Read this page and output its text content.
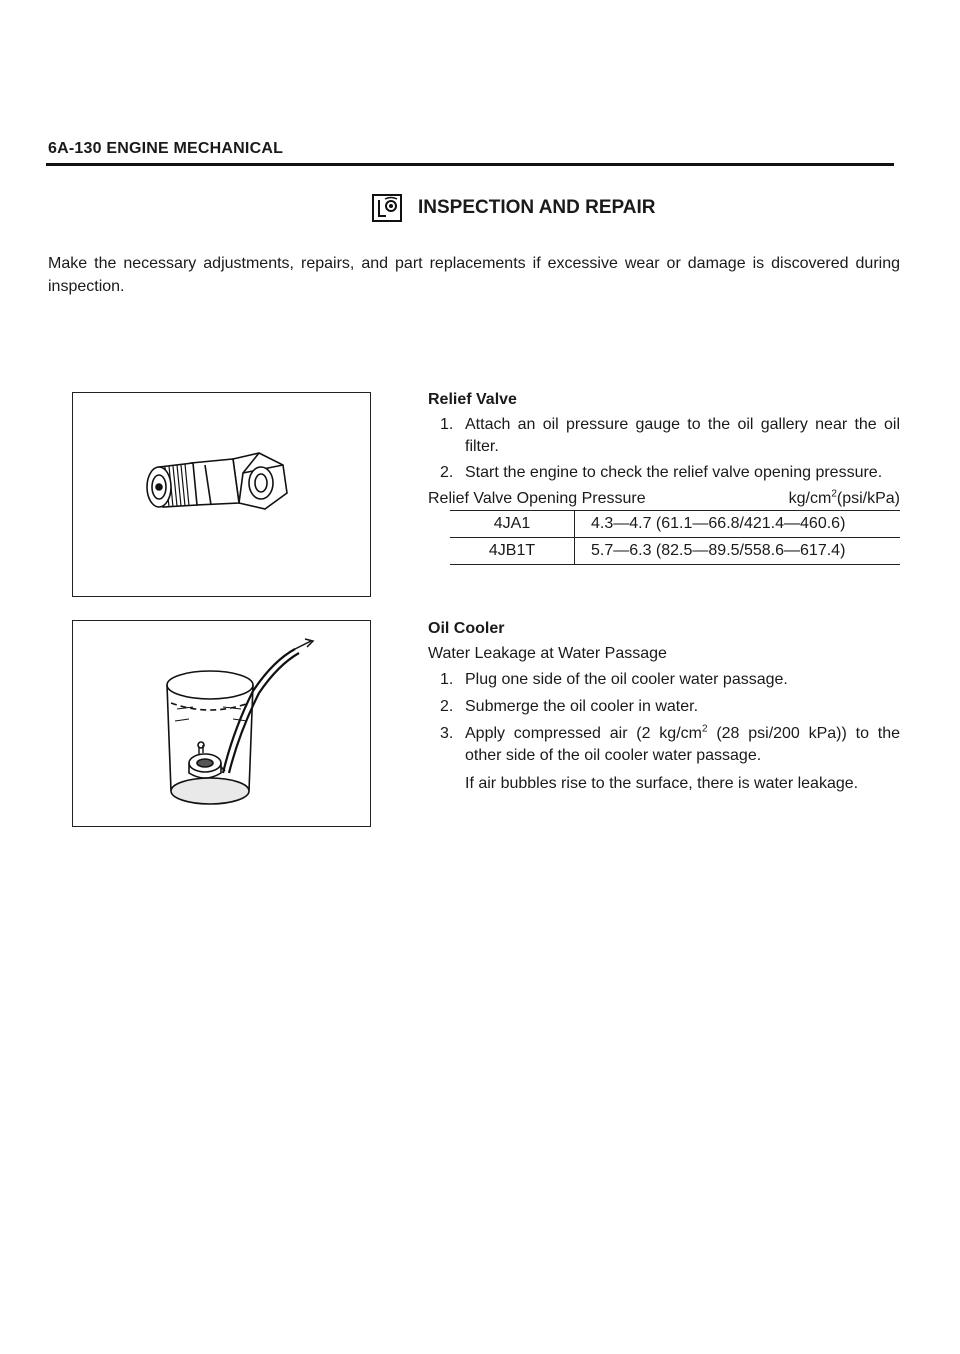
6A-130 ENGINE MECHANICAL
INSPECTION AND REPAIR
Make the necessary adjustments, repairs, and part replacements if excessive wear or damage is discovered during inspection.
Relief Valve
1. Attach an oil pressure gauge to the oil gallery near the oil filter.
2. Start the engine to check the relief valve opening pressure.
Relief Valve Opening Pressure	$kg/cm^2(psi/kPa)$
4JA1	4.3—4.7 (61.1—66.8/421.4—460.6)
4JB1T	5.7—6.3 (82.5—89.5/558.6—617.4)
Oil Cooler
Water Leakage at Water Passage
1. Plug one side of the oil cooler water passage.
2. Submerge the oil cooler in water.
3. Apply compressed air (2 $kg/cm^2$ (28 psi/200 kPa)) to the other side of the oil cooler water passage.
If air bubbles rise to the surface, there is water leakage.
